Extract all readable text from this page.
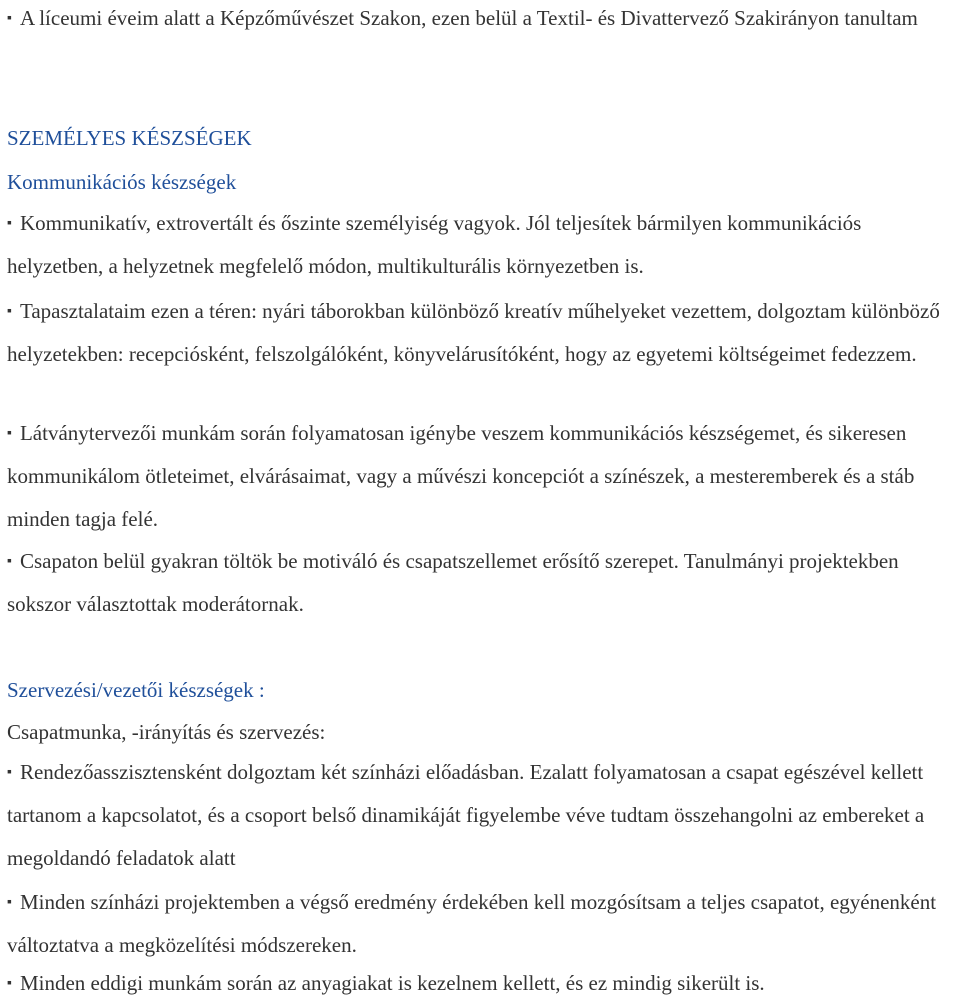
▪ A líceumi éveim alatt a Képzőművészet Szakon, ezen belül a Textil- és Divattervező Szakirányon tanultam

SZEMÉLYES KÉSZSÉGEK

Kommunikációs készségek

▪ Kommunikatív, extrovertált és őszinte személyiség vagyok. Jól teljesítek bármilyen kommunikációs helyzetben, a helyzetnek megfelelő módon, multikulturális környezetben is.

▪ Tapasztalataim ezen a téren: nyári táborokban különböző kreatív műhelyeket vezettem, dolgoztam különböző helyzetekben: recepciósként, felszolgálóként, könyvelárusítóként, hogy az egyetemi költségeimet fedezzem.

▪ Látványtervezői munkám során folyamatosan igénybe veszem kommunikációs készségemet, és sikeresen kommunikálom ötleteimet, elvárásaimat, vagy a művészi koncepciót a színészek, a mesteremberek és a stáb minden tagja felé.

▪ Csapaton belül gyakran töltök be motiváló és csapatszellemet erősítő szerepet. Tanulmányi projektekben sokszor választottak moderátornak.

Szervezési/vezetői készségek :

Csapatmunka, -irányítás és szervezés:

▪ Rendezőasszisztensként dolgoztam két színházi előadásban. Ezalatt folyamatosan a csapat egészével kellett tartanom a kapcsolatot, és a csoport belső dinamikáját figyelembe véve tudtam összehangolni az embereket a megoldandó feladatok alatt

▪ Minden színházi projektemben a végső eredmény érdekében kell mozgósítsam a teljes csapatot, egyénenként változtatva a megközelítési módszereken.

▪ Minden eddigi munkám során az anyagiakat is kezelnem kellett, és ez mindig sikerült is.
